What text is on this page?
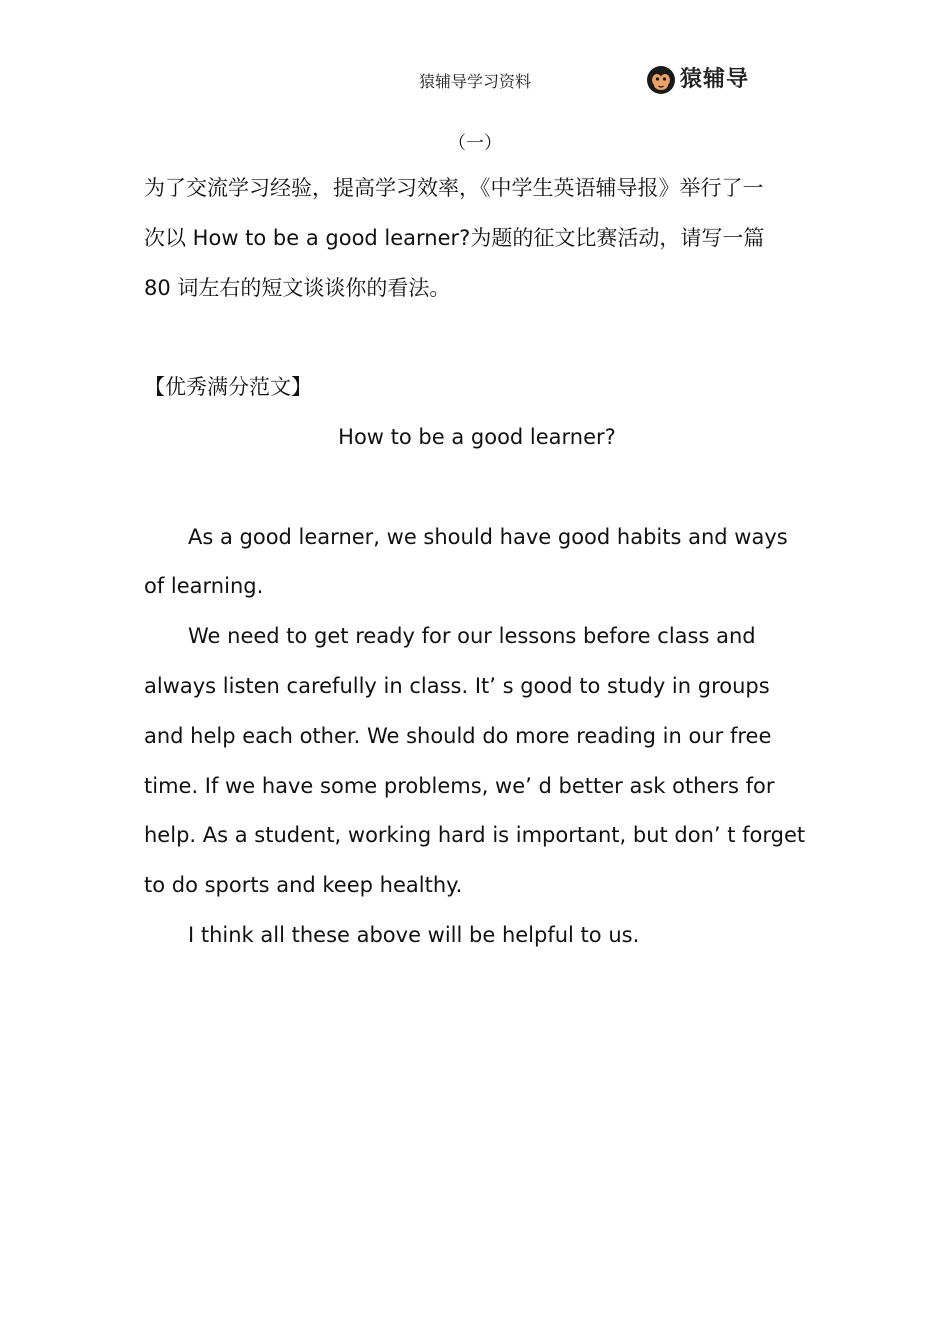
猿辅导学习资料	猿辅导
（一）

为了交流学习经验，提高学习效率，《中学生英语辅导报》举行了一

次以 How to be a good learner?为题的征文比赛活动，请写一篇

80 词左右的短文谈谈你的看法。

【优秀满分范文】

How to be a good learner?

As a good learner, we should have good habits and ways of learning.

We need to get ready for our lessons before class and always listen carefully in class. It’ s good to study in groups and help each other. We should do more reading in our free time. If we have some problems, we’ d better ask others for help. As a student, working hard is important, but don’ t forget to do sports and keep healthy.

I think all these above will be helpful to us.
